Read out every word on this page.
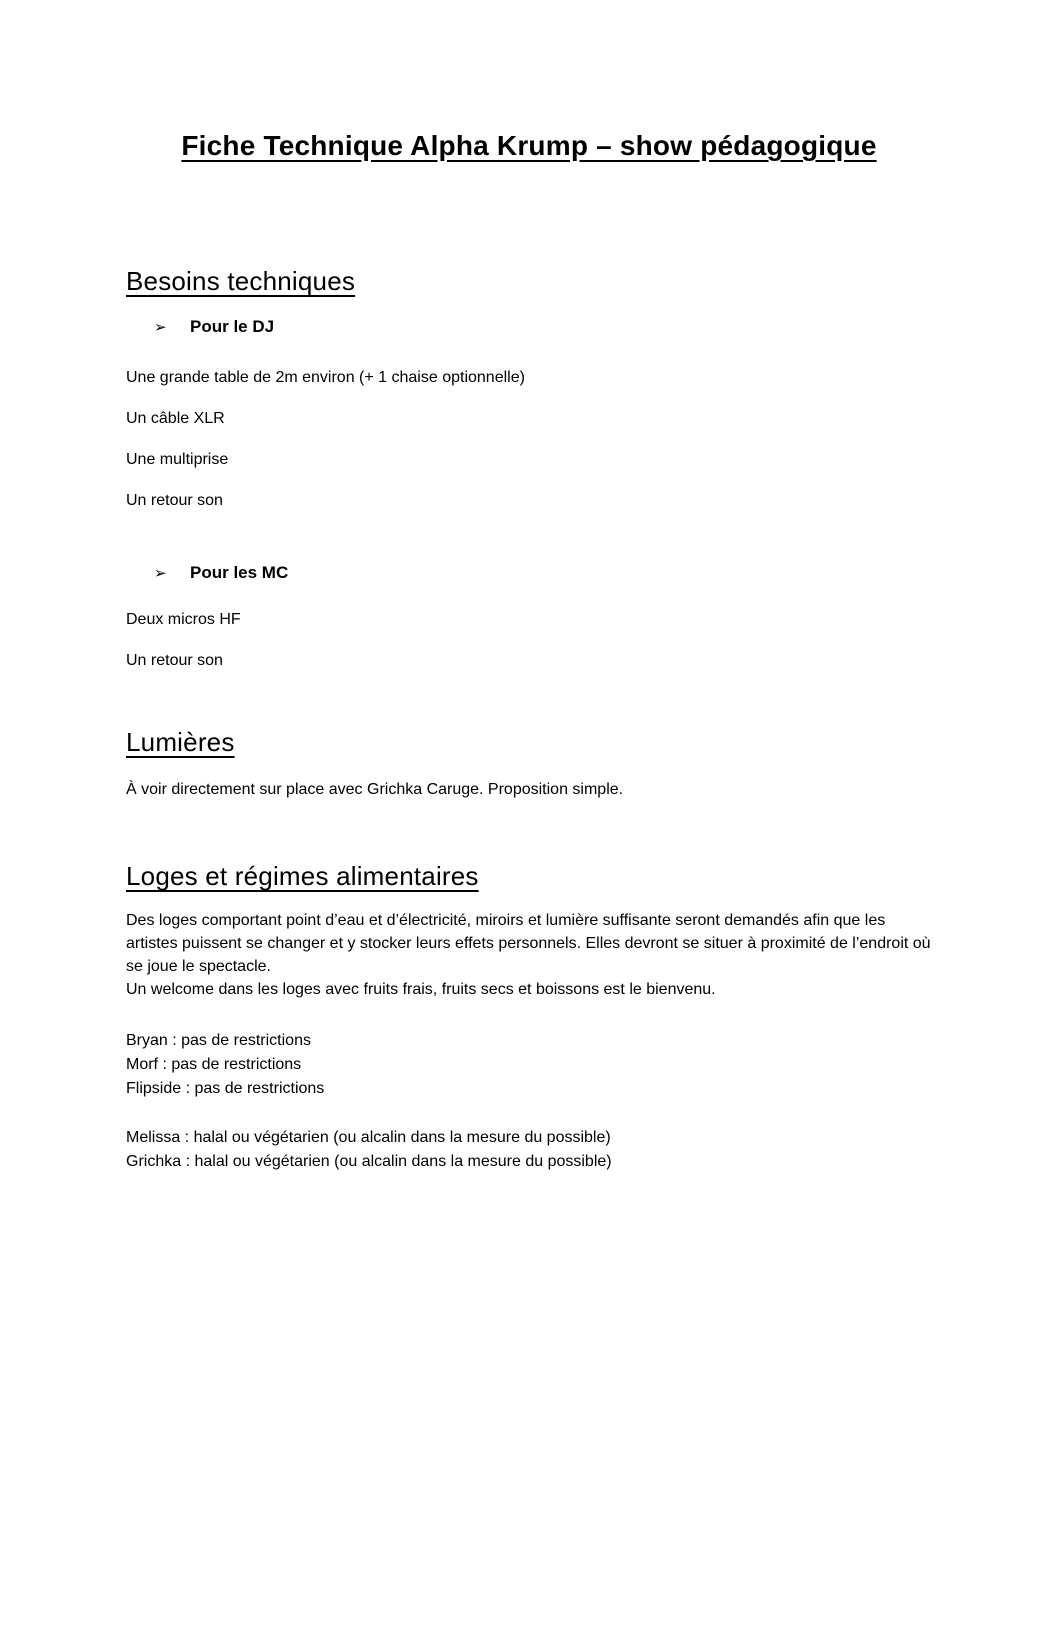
Fiche Technique Alpha Krump – show pédagogique
Besoins techniques
➢	Pour le DJ

Une grande table de 2m environ (+ 1 chaise optionnelle)

Un câble XLR

Une multiprise

Un retour son

➢	Pour les MC

Deux micros HF

Un retour son

Lumières

À voir directement sur place avec Grichka Caruge. Proposition simple.

Loges et régimes alimentaires
Des loges comportant point d’eau et d’électricité, miroirs et lumière suffisante seront demandés afin que les artistes puissent se changer et y stocker leurs effets personnels. Elles devront se situer à proximité de l’endroit où se joue le spectacle.
Un welcome dans les loges avec fruits frais, fruits secs et boissons est le bienvenu.
Bryan : pas de restrictions
Morf : pas de restrictions
Flipside : pas de restrictions
Melissa : halal ou végétarien (ou alcalin dans la mesure du possible)
Grichka : halal ou végétarien (ou alcalin dans la mesure du possible)
